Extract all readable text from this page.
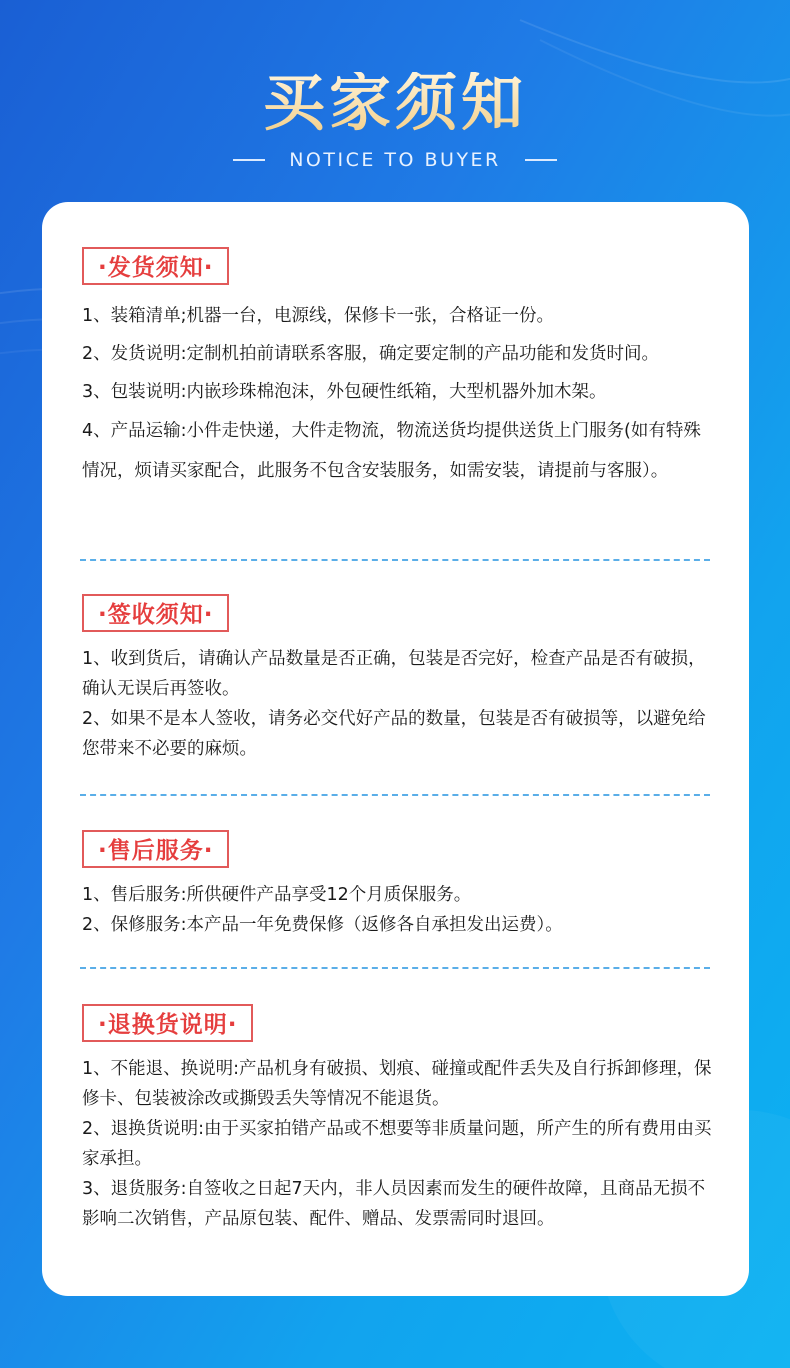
买家须知
NOTICE TO BUYER
·发货须知·
1、装箱清单;机器一台，电源线，保修卡一张，合格证一份。
2、发货说明:定制机拍前请联系客服，确定要定制的产品功能和发货时间。
3、包装说明:内嵌珍珠棉泡沫，外包硬性纸箱，大型机器外加木架。
4、产品运输:小件走快递，大件走物流，物流送货均提供送货上门服务(如有特殊情况，烦请买家配合，此服务不包含安装服务，如需安装，请提前与客服）。
·签收须知·
1、收到货后，请确认产品数量是否正确，包装是否完好，检查产品是否有破损，确认无误后再签收。
2、如果不是本人签收，请务必交代好产品的数量，包装是否有破损等，以避免给您带来不必要的麻烦。
·售后服务·
1、售后服务:所供硬件产品享受12个月质保服务。
2、保修服务:本产品一年免费保修（返修各自承担发出运费）。
·退换货说明·
1、不能退、换说明:产品机身有破损、划痕、碰撞或配件丢失及自行拆卸修理，保修卡、包装被涂改或撕毁丢失等情况不能退货。
2、退换货说明:由于买家拍错产品或不想要等非质量问题，所产生的所有费用由买家承担。
3、退货服务:自签收之日起7天内，非人员因素而发生的硬件故障，且商品无损不影响二次销售，产品原包装、配件、赠品、发票需同时退回。
